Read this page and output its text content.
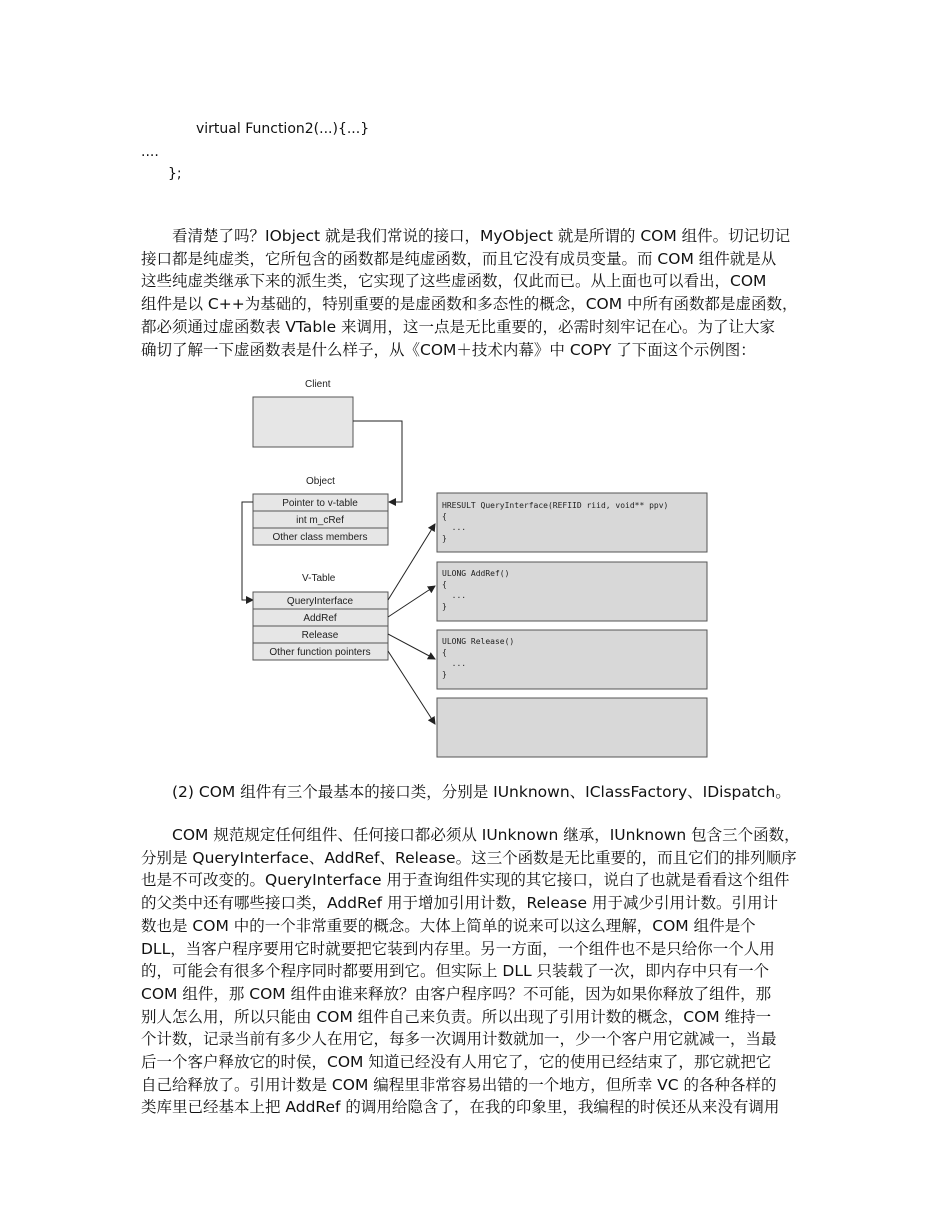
virtual Function2(...){...}
....
};
看清楚了吗？IObject 就是我们常说的接口，MyObject 就是所谓的 COM 组件。切记切记
接口都是纯虚类，它所包含的函数都是纯虚函数，而且它没有成员变量。而 COM 组件就是从
这些纯虚类继承下来的派生类，它实现了这些虚函数，仅此而已。从上面也可以看出，COM
组件是以 C++为基础的，特别重要的是虚函数和多态性的概念，COM 中所有函数都是虚函数，
都必须通过虚函数表 VTable 来调用，这一点是无比重要的，必需时刻牢记在心。为了让大家
确切了解一下虚函数表是什么样子，从《COM＋技术内幕》中 COPY 了下面这个示例图：
Client
Object
Pointer to v-table
int m_cRef
Other class members
V-Table
QueryInterface
AddRef
Release
Other function pointers
HRESULT QueryInterface(REFIID riid, void** ppv)
{
...
}
ULONG AddRef()
{
...
}
ULONG Release()
{
...
}
(2) COM 组件有三个最基本的接口类，分别是 IUnknown、IClassFactory、IDispatch。
COM 规范规定任何组件、任何接口都必须从 IUnknown 继承，IUnknown 包含三个函数，
分别是 QueryInterface、AddRef、Release。这三个函数是无比重要的，而且它们的排列顺序
也是不可改变的。QueryInterface 用于查询组件实现的其它接口，说白了也就是看看这个组件
的父类中还有哪些接口类，AddRef 用于增加引用计数，Release 用于减少引用计数。引用计
数也是 COM 中的一个非常重要的概念。大体上简单的说来可以这么理解，COM 组件是个
DLL，当客户程序要用它时就要把它装到内存里。另一方面，一个组件也不是只给你一个人用
的，可能会有很多个程序同时都要用到它。但实际上 DLL 只装载了一次，即内存中只有一个
COM 组件，那 COM 组件由谁来释放？由客户程序吗？不可能，因为如果你释放了组件，那
别人怎么用，所以只能由 COM 组件自己来负责。所以出现了引用计数的概念，COM 维持一
个计数，记录当前有多少人在用它，每多一次调用计数就加一，少一个客户用它就减一，当最
后一个客户释放它的时侯，COM 知道已经没有人用它了，它的使用已经结束了，那它就把它
自己给释放了。引用计数是 COM 编程里非常容易出错的一个地方，但所幸 VC 的各种各样的
类库里已经基本上把 AddRef 的调用给隐含了，在我的印象里，我编程的时侯还从来没有调用
